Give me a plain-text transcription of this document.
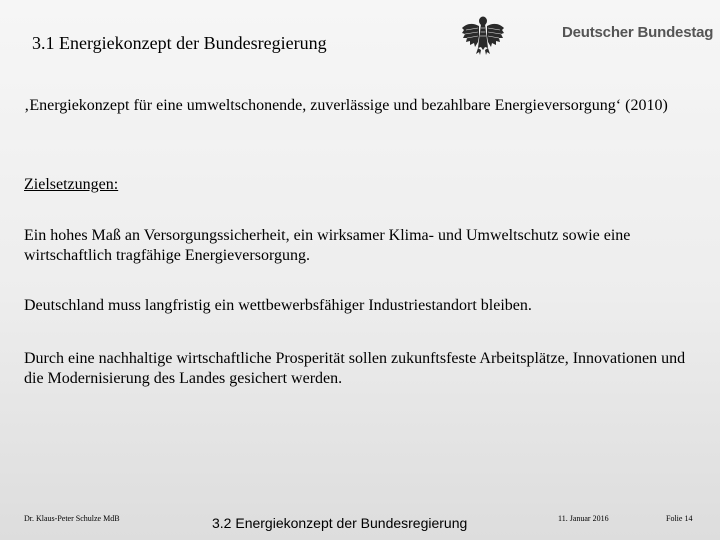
3.1 Energiekonzept der Bundesregierung
Deutscher Bundestag

‚Energiekonzept für eine umweltschonende, zuverlässige und bezahlbare Energieversorgung‘ (2010)

Zielsetzungen:

Ein hohes Maß an Versorgungssicherheit, ein wirksamer Klima- und Umweltschutz sowie eine wirtschaftlich tragfähige Energieversorgung.

Deutschland muss langfristig ein wettbewerbsfähiger Industriestandort bleiben.

Durch eine nachhaltige wirtschaftliche Prosperität sollen zukunftsfeste Arbeitsplätze, Innovationen und die Modernisierung des Landes gesichert werden.

Dr. Klaus-Peter Schulze MdB	3.2 Energiekonzept der Bundesregierung	11. Januar 2016	Folie 14
